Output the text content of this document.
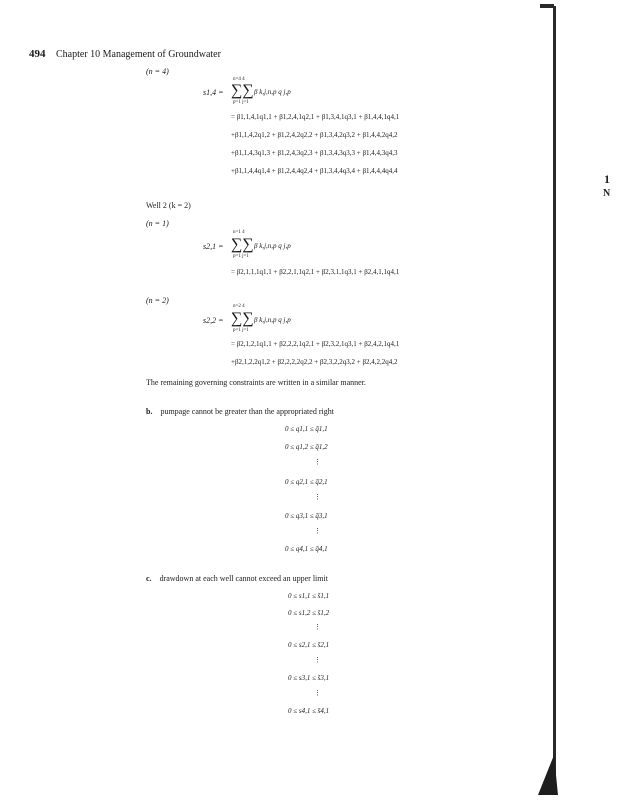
494 Chapter 10 Management of Groundwater
(n = 4)
n=4 4
s1,4 = ∑∑ β k,j,n,p q j,p
p=1 j=1
= β1,1,4,1q1,1 + β1,2,4,1q2,1 + β1,3,4,1q3,1 + β1,4,4,1q4,1
+β1,1,4,2q1,2 + β1,2,4,2q2,2 + β1,3,4,2q3,2 + β1,4,4,2q4,2
+β1,1,4,3q1,3 + β1,2,4,3q2,3 + β1,3,4,3q3,3 + β1,4,4,3q4,3
+β1,1,4,4q1,4 + β1,2,4,4q2,4 + β1,3,4,4q3,4 + β1,4,4,4q4,4
Well 2 (k = 2)
(n = 1)
n=1 4
s2,1 = ∑∑ β k,j,n,p q j,p
p=1 j=1
= β2,1,1,1q1,1 + β2,2,1,1q2,1 + β2,3,1,1q3,1 + β2,4,1,1q4,1
(n = 2)
n=2 4
s2,2 = ∑∑ β k,j,n,p q j,p
p=1 j=1
= β2,1,2,1q1,1 + β2,2,2,1q2,1 + β2,3,2,1q3,1 + β2,4,2,1q4,1
+β2,1,2,2q1,2 + β2,2,2,2q2,2 + β2,3,2,2q3,2 + β2,4,2,2q4,2
The remaining governing constraints are written in a similar manner.
b. pumpage cannot be greater than the appropriated right
0 ≤ q1,1 ≤ q̄1,1
0 ≤ q1,2 ≤ q̄1,2
⋮
0 ≤ q2,1 ≤ q̄2,1
⋮
0 ≤ q3,1 ≤ q̄3,1
⋮
0 ≤ q4,1 ≤ q̄4,1
c. drawdown at each well cannot exceed an upper limit
0 ≤ s1,1 ≤ s̄1,1
0 ≤ s1,2 ≤ s̄1,2
⋮
0 ≤ s2,1 ≤ s̄2,1
⋮
0 ≤ s3,1 ≤ s̄3,1
⋮
0 ≤ s4,1 ≤ s̄4,1
1
N
